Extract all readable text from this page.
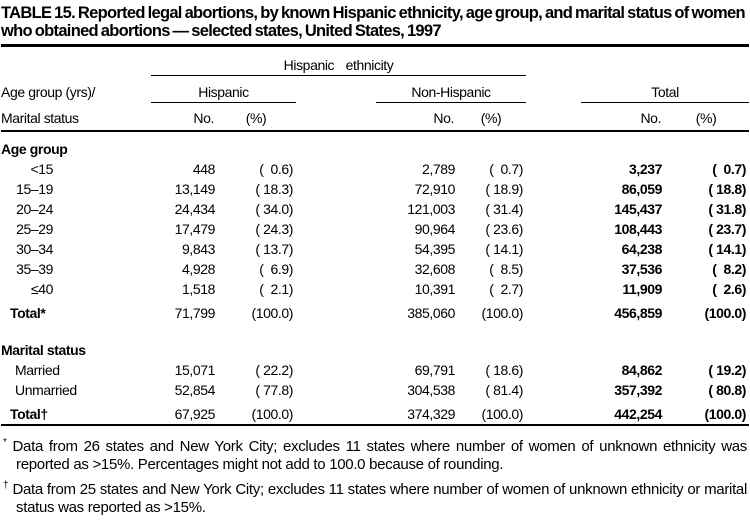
TABLE 15. Reported legal abortions, by known Hispanic ethnicity, age group, and marital status of women who obtained abortions — selected states, United States, 1997
	Hispanic ethnicity							
Age group (yrs)/	Hispanic			Non-Hispanic			Total	
Marital status	No.	(%)		No.	(%)		No.	(%)
Age group								
<15	448	(  0.6)		2,789	(  0.7)		3,237	(  0.7)
15–19	13,149	( 18.3)		72,910	( 18.9)		86,059	( 18.8)
20–24	24,434	( 34.0)		121,003	( 31.4)		145,437	( 31.8)
25–29	17,479	( 24.3)		90,964	( 23.6)		108,443	( 23.7)
30–34	9,843	( 13.7)		54,395	( 14.1)		64,238	( 14.1)
35–39	4,928	(  6.9)		32,608	(  8.5)		37,536	(  8.2)
≤40	1,518	(  2.1)		10,391	(  2.7)		11,909	(  2.6)
Total*	71,799	(100.0)		385,060	(100.0)		456,859	(100.0)

Marital status								
Married	15,071	( 22.2)		69,791	( 18.6)		84,862	( 19.2)
Unmarried	52,854	( 77.8)		304,538	( 81.4)		357,392	( 80.8)
Total†	67,925	(100.0)		374,329	(100.0)		442,254	(100.0)

* Data from 26 states and New York City; excludes 11 states where number of women of unknown ethnicity was reported as >15%. Percentages might not add to 100.0 because of rounding.

† Data from 25 states and New York City; excludes 11 states where number of women of unknown ethnicity or marital status was reported as >15%.
